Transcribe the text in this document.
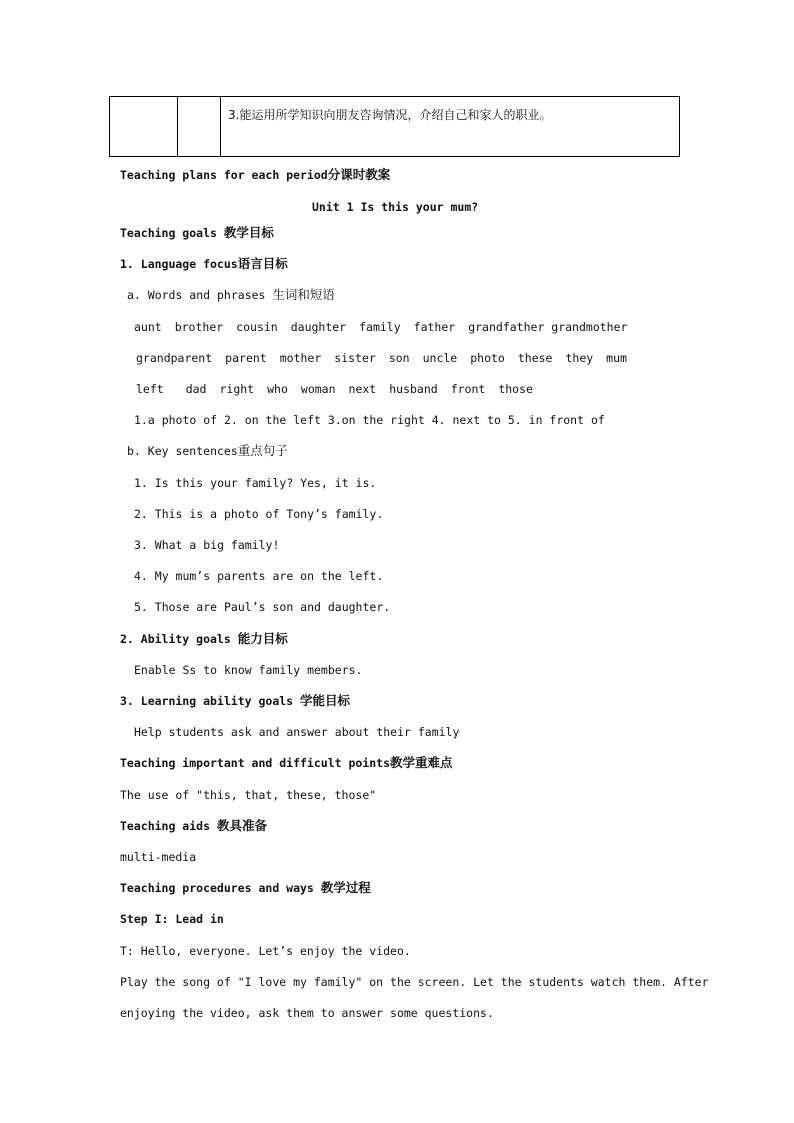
3.能运用所学知识向朋友咨询情况，介绍自己和家人的职业。
Teaching plans for each period分课时教案
Unit 1 Is this your mum?
Teaching goals 教学目标
1. Language focus语言目标
a. Words and phrases 生词和短语
aunt brother cousin daughter family father grandfather grandmother
grandparent parent mother sister son uncle photo these they mum
left dad right who woman next husband front those
1.a photo of 2. on the left 3.on the right 4. next to 5. in front of
b. Key sentences重点句子
1. Is this your family? Yes, it is.
2. This is a photo of Tony’s family.
3. What a big family!
4. My mum’s parents are on the left.
5. Those are Paul’s son and daughter.
2. Ability goals 能力目标
Enable Ss to know family members.
3. Learning ability goals 学能目标
Help students ask and answer about their family
Teaching important and difficult points教学重难点
The use of "this, that, these, those"
Teaching aids 教具准备
multi-media
Teaching procedures and ways 教学过程
Step I: Lead in
T: Hello, everyone. Let’s enjoy the video.
Play the song of "I love my family" on the screen. Let the students watch them. After
enjoying the video, ask them to answer some questions.
